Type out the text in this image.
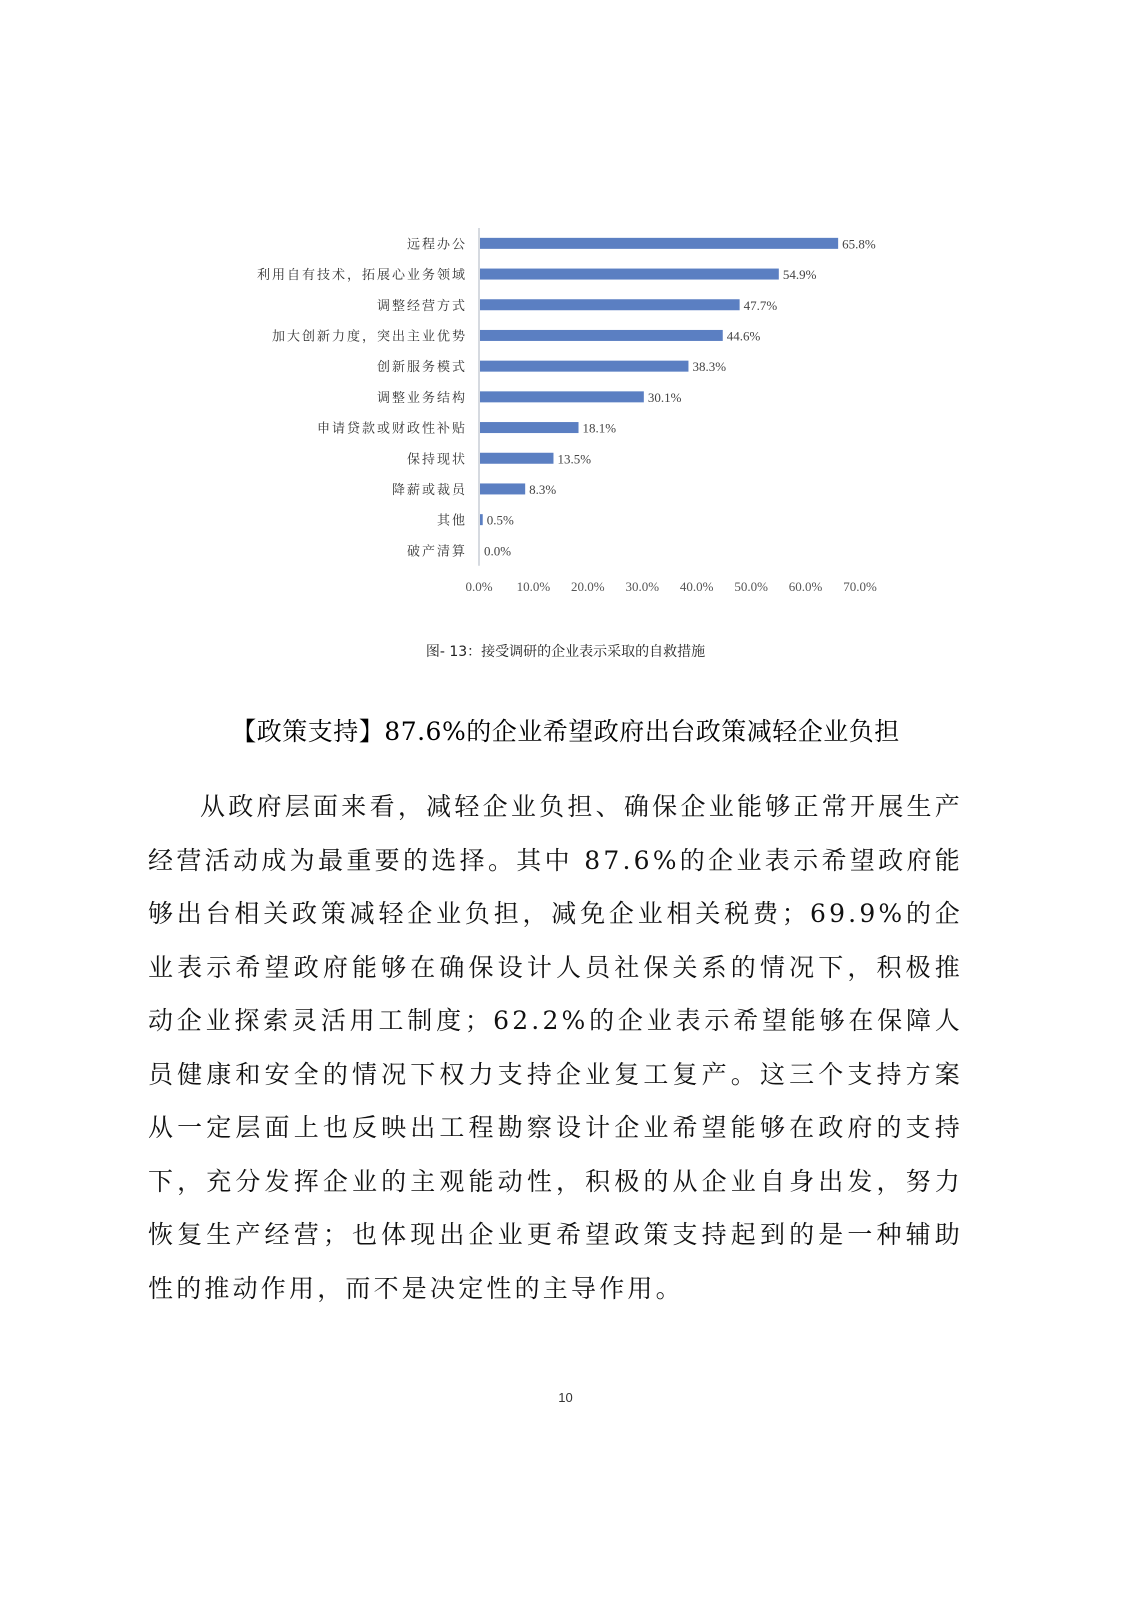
远程办公
利用自有技术，拓展心业务领域
调整经营方式
加大创新力度，突出主业优势
创新服务模式
调整业务结构
申请贷款或财政性补贴
保持现状
降薪或裁员
其他
破产清算
65.8%
54.9%
47.7%
44.6%
38.3%
30.1%
18.1%
13.5%
8.3%
0.5%
0.0%
0.0% 10.0% 20.0% 30.0% 40.0% 50.0% 60.0% 70.0%
图- 13：接受调研的企业表示采取的自救措施
【政策支持】87.6%的企业希望政府出台政策减轻企业负担

从政府层面来看，减轻企业负担、确保企业能够正常开展生产经营活动成为最重要的选择。其中 87.6%的企业表示希望政府能够出台相关政策减轻企业负担，减免企业相关税费；69.9%的企业表示希望政府能够在确保设计人员社保关系的情况下，积极推动企业探索灵活用工制度；62.2%的企业表示希望能够在保障人员健康和安全的情况下权力支持企业复工复产。这三个支持方案从一定层面上也反映出工程勘察设计企业希望能够在政府的支持下，充分发挥企业的主观能动性，积极的从企业自身出发，努力恢复生产经营；也体现出企业更希望政策支持起到的是一种辅助性的推动作用，而不是决定性的主导作用。

10
